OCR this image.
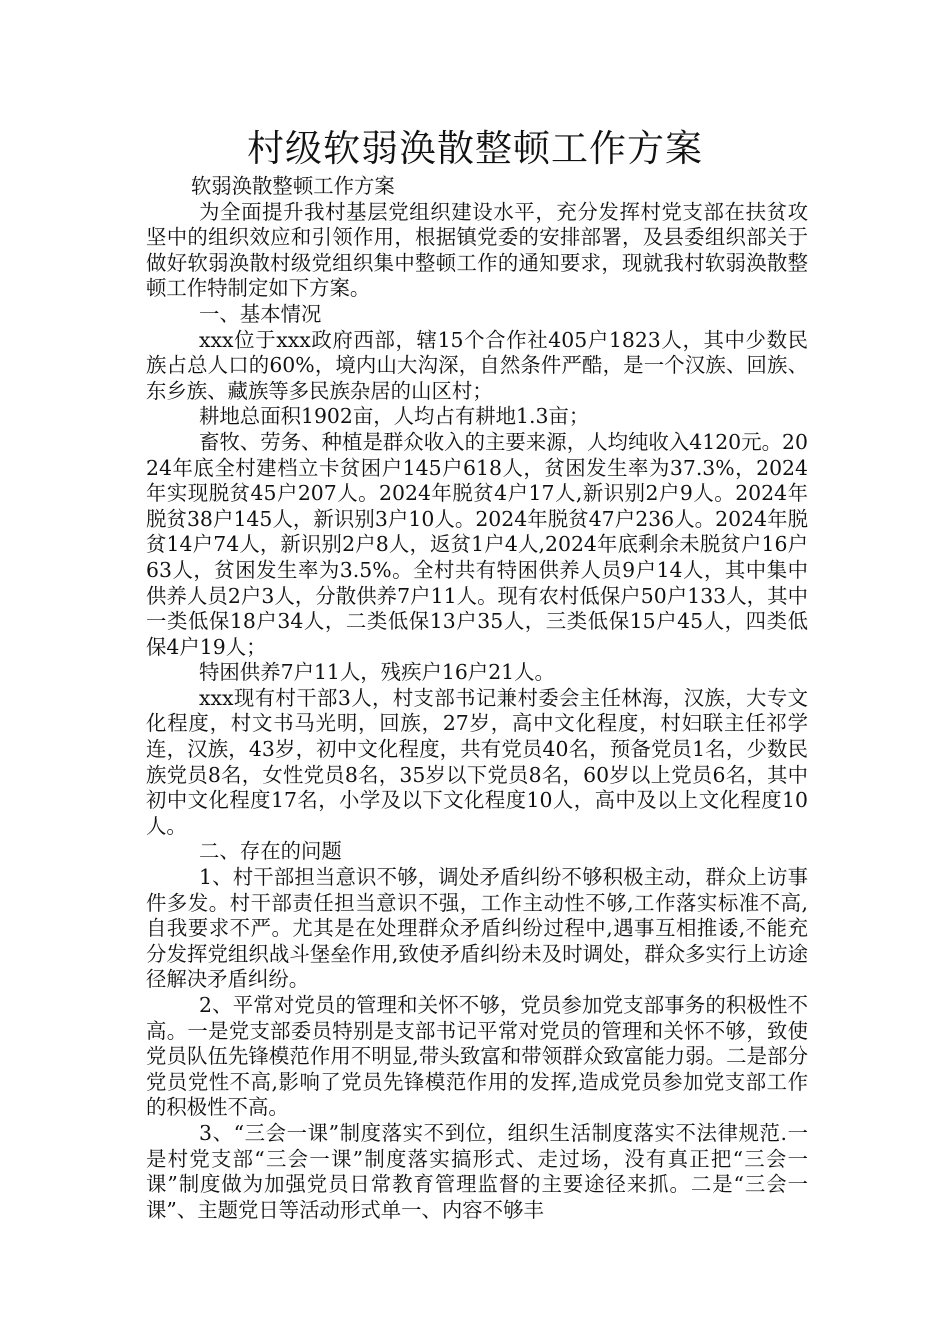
村级软弱涣散整顿工作方案

软弱涣散整顿工作方案

为全面提升我村基层党组织建设水平，充分发挥村党支部在扶贫攻坚中的组织效应和引领作用，根据镇党委的安排部署，及县委组织部关于做好软弱涣散村级党组织集中整顿工作的通知要求，现就我村软弱涣散整顿工作特制定如下方案。

一、基本情况

xxx位于xxx政府西部，辖15个合作社405户1823人，其中少数民族占总人口的60%，境内山大沟深，自然条件严酷，是一个汉族、回族、东乡族、藏族等多民族杂居的山区村；

耕地总面积1902亩，人均占有耕地1.3亩；

畜牧、劳务、种植是群众收入的主要来源，人均纯收入4120元。2024年底全村建档立卡贫困户145户618人，贫困发生率为37.3%，2024年实现脱贫45户207人。2024年脱贫4户17人,新识别2户9人。2024年脱贫38户145人，新识别3户10人。2024年脱贫47户236人。2024年脱贫14户74人，新识别2户8人，返贫1户4人,2024年底剩余未脱贫户16户63人，贫困发生率为3.5%。全村共有特困供养人员9户14人，其中集中供养人员2户3人，分散供养7户11人。现有农村低保户50户133人，其中一类低保18户34人，二类低保13户35人，三类低保15户45人，四类低保4户19人；

特困供养7户11人，残疾户16户21人。

xxx现有村干部3人，村支部书记兼村委会主任林海，汉族，大专文化程度，村文书马光明，回族，27岁，高中文化程度，村妇联主任祁学连，汉族，43岁，初中文化程度，共有党员40名，预备党员1名，少数民族党员8名，女性党员8名，35岁以下党员8名，60岁以上党员6名，其中初中文化程度17名，小学及以下文化程度10人，高中及以上文化程度10人。

二、存在的问题

1、村干部担当意识不够，调处矛盾纠纷不够积极主动，群众上访事件多发。村干部责任担当意识不强，工作主动性不够,工作落实标准不高,自我要求不严。尤其是在处理群众矛盾纠纷过程中,遇事互相推诿,不能充分发挥党组织战斗堡垒作用,致使矛盾纠纷未及时调处，群众多实行上访途径解决矛盾纠纷。

2、平常对党员的管理和关怀不够，党员参加党支部事务的积极性不高。一是党支部委员特别是支部书记平常对党员的管理和关怀不够，致使党员队伍先锋模范作用不明显,带头致富和带领群众致富能力弱。二是部分党员党性不高,影响了党员先锋模范作用的发挥,造成党员参加党支部工作的积极性不高。

3、“三会一课”制度落实不到位，组织生活制度落实不法律规范.一是村党支部“三会一课”制度落实搞形式、走过场，没有真正把“三会一课”制度做为加强党员日常教育管理监督的主要途径来抓。二是“三会一课”、主题党日等活动形式单一、内容不够丰
